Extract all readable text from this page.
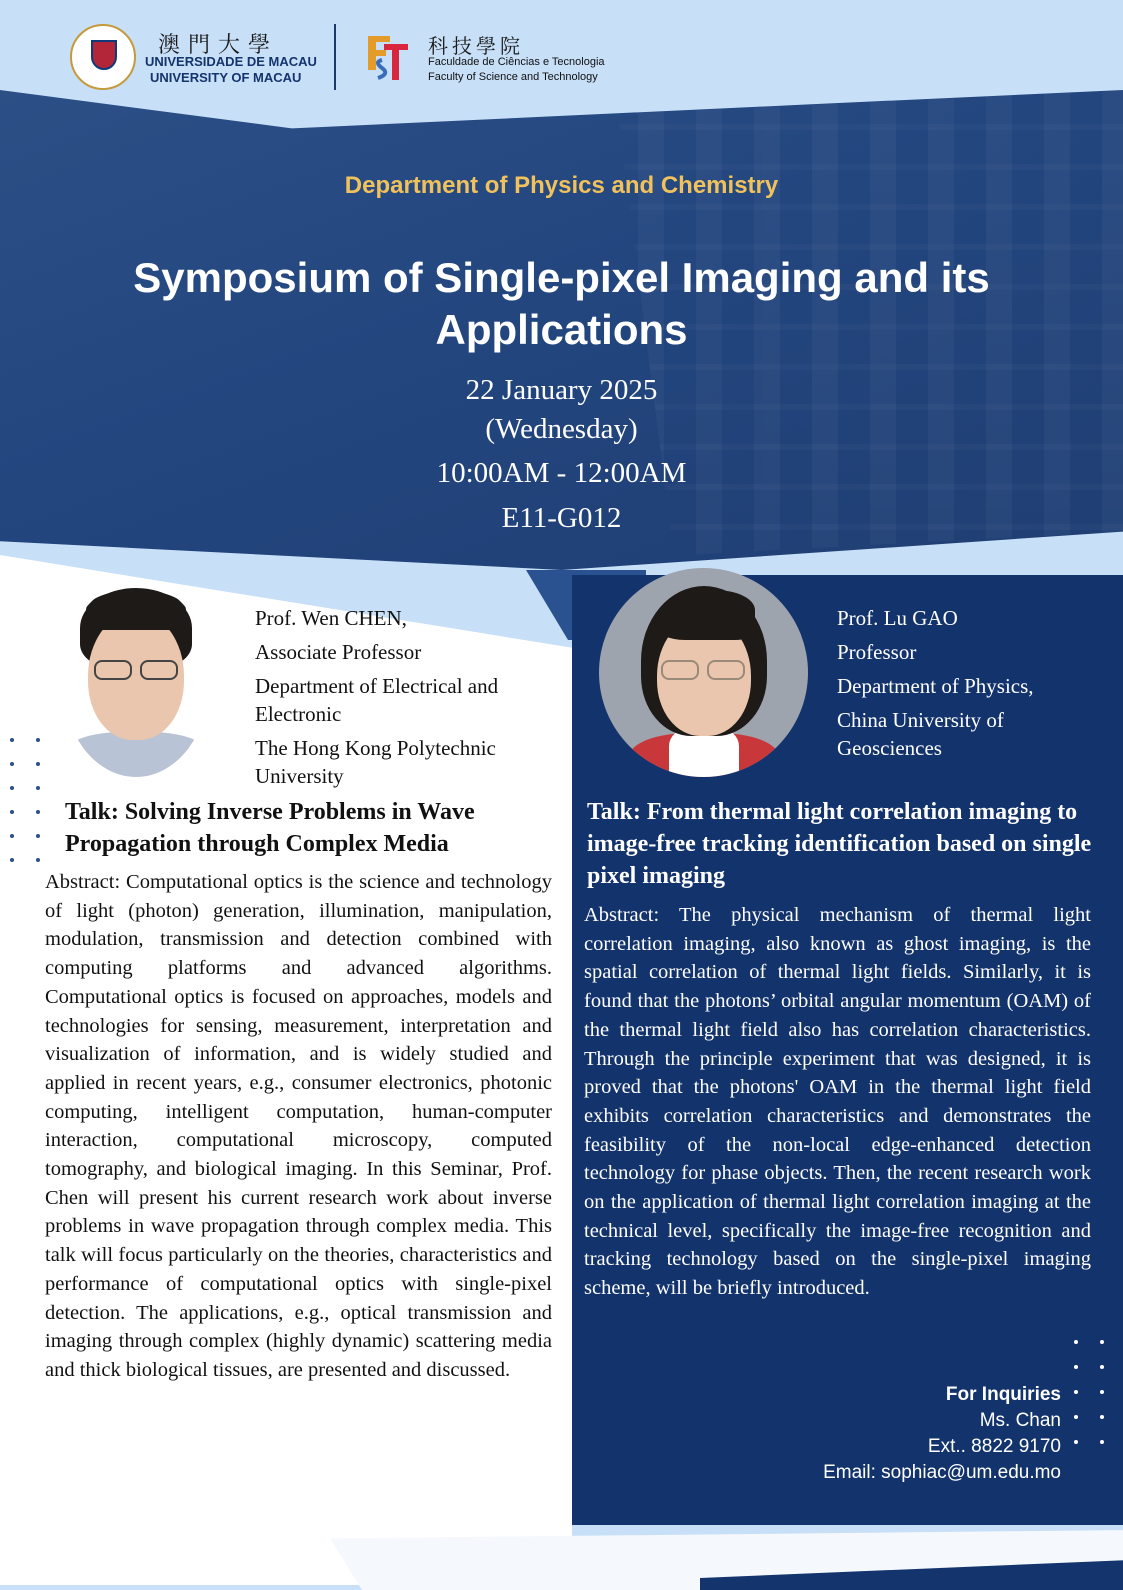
澳門大學
UNIVERSIDADE DE MACAU
UNIVERSITY OF MACAU
科技學院
Faculdade de Ciências e Tecnologia
Faculty of Science and Technology
Department of Physics and Chemistry
Symposium of Single-pixel Imaging and its Applications
22 January 2025
(Wednesday)
10:00AM - 12:00AM
E11-G012
Prof. Wen CHEN,
Associate Professor
Department of Electrical and Electronic
The Hong Kong Polytechnic University
Talk: Solving Inverse Problems in Wave Propagation through Complex Media
Abstract: Computational optics is the science and technology of light (photon) generation, illumination, manipulation, modulation, transmission and detection combined with computing platforms and advanced algorithms. Computational optics is focused on approaches, models and technologies for sensing, measurement, interpretation and visualization of information, and is widely studied and applied in recent years, e.g., consumer electronics, photonic computing, intelligent computation, human-computer interaction, computational microscopy, computed tomography, and biological imaging. In this Seminar, Prof. Chen will present his current research work about inverse problems in wave propagation through complex media. This talk will focus particularly on the theories, characteristics and performance of computational optics with single-pixel detection. The applications, e.g., optical transmission and imaging through complex (highly dynamic) scattering media and thick biological tissues, are presented and discussed.
Prof. Lu GAO
Professor
Department of Physics,
China University of Geosciences
Talk: From thermal light correlation imaging to image-free tracking identification based on single pixel imaging
Abstract: The physical mechanism of thermal light correlation imaging, also known as ghost imaging, is the spatial correlation of thermal light fields. Similarly, it is found that the photons’ orbital angular momentum (OAM) of the thermal light field also has correlation characteristics. Through the principle experiment that was designed, it is proved that the photons' OAM in the thermal light field exhibits correlation characteristics and demonstrates the feasibility of the non-local edge-enhanced detection technology for phase objects. Then, the recent research work on the application of thermal light correlation imaging at the technical level, specifically the image-free recognition and tracking technology based on the single-pixel imaging scheme, will be briefly introduced.
For Inquiries
Ms. Chan
Ext.. 8822 9170
Email: sophiac@um.edu.mo
